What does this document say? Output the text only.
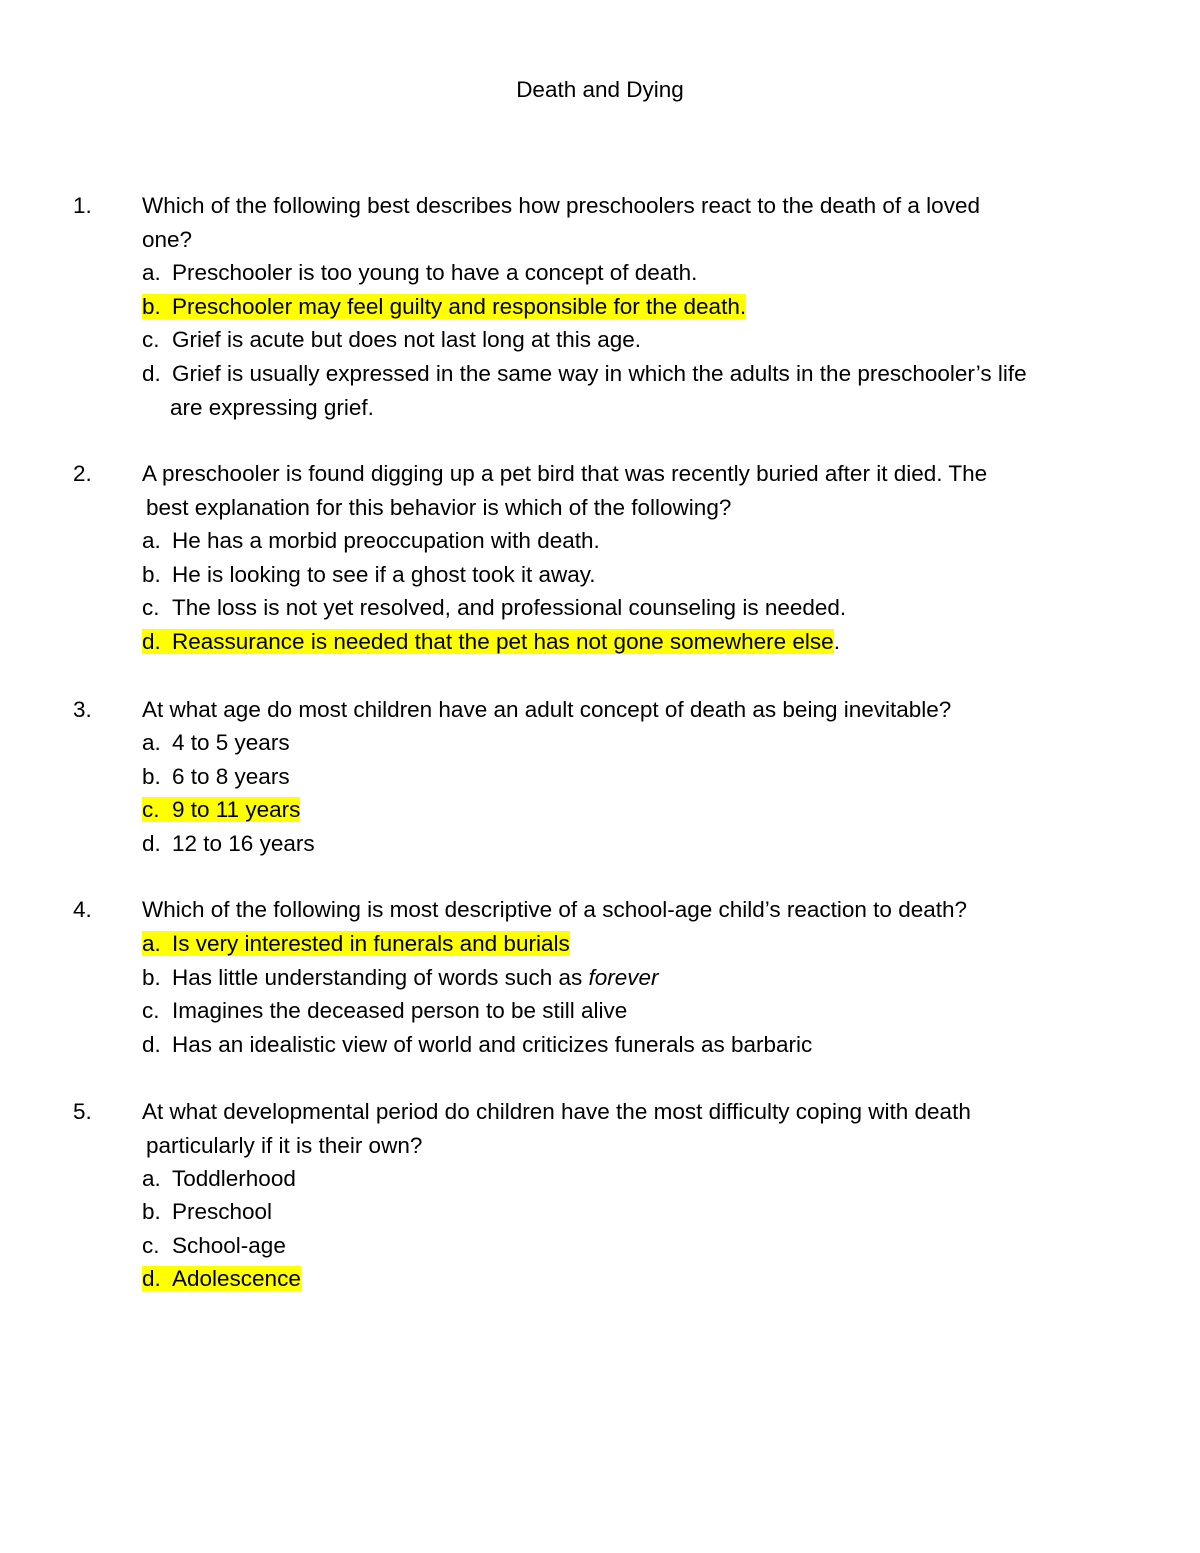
Death and Dying
1. Which of the following best describes how preschoolers react to the death of a loved
one?
a. Preschooler is too young to have a concept of death.
b. Preschooler may feel guilty and responsible for the death.
c. Grief is acute but does not last long at this age.
d. Grief is usually expressed in the same way in which the adults in the preschooler’s life
are expressing grief.
2. A preschooler is found digging up a pet bird that was recently buried after it died. The
best explanation for this behavior is which of the following?
a. He has a morbid preoccupation with death.
b. He is looking to see if a ghost took it away.
c. The loss is not yet resolved, and professional counseling is needed.
d. Reassurance is needed that the pet has not gone somewhere else.
3. At what age do most children have an adult concept of death as being inevitable?
a. 4 to 5 years
b. 6 to 8 years
c. 9 to 11 years
d. 12 to 16 years
4. Which of the following is most descriptive of a school-age child’s reaction to death?
a. Is very interested in funerals and burials
b. Has little understanding of words such as forever
c. Imagines the deceased person to be still alive
d. Has an idealistic view of world and criticizes funerals as barbaric
5. At what developmental period do children have the most difficulty coping with death
particularly if it is their own?
a. Toddlerhood
b. Preschool
c. School-age
d. Adolescence
